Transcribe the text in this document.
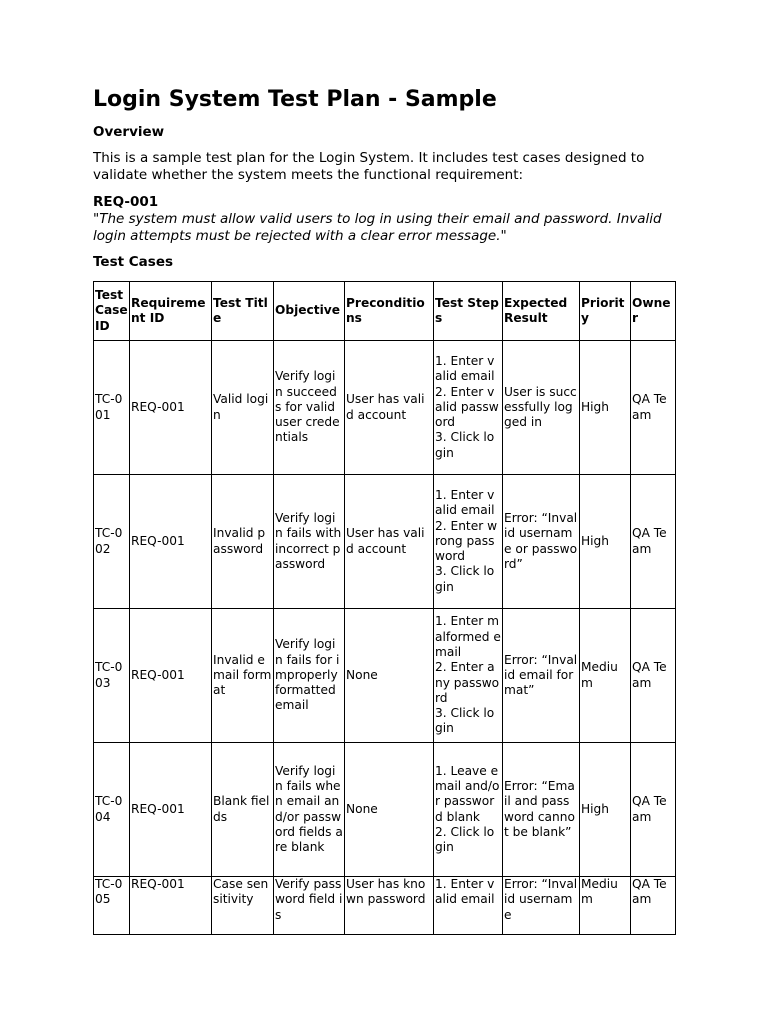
Login System Test Plan - Sample
Overview

This is a sample test plan for the Login System. It includes test cases designed to validate whether the system meets the functional requirement:

REQ-001

"The system must allow valid users to log in using their email and password. Invalid login attempts must be rejected with a clear error message."

Test Cases
Test Case ID	Requirement ID	Test Title	Objective	Preconditions	Test Steps	Expected Result	Priority	Owner
TC-001	REQ-001	Valid login	Verify login succeeds for valid user credentials	User has valid account	1. Enter valid email
2. Enter valid password
3. Click login	User is successfully logged in	High	QA Team
TC-002	REQ-001	Invalid password	Verify login fails with incorrect password	User has valid account	1. Enter valid email
2. Enter wrong password
3. Click login	Error: “Invalid username or password”	High	QA Team
TC-003	REQ-001	Invalid email format	Verify login fails for improperly formatted email	None	1. Enter malformed email
2. Enter any password
3. Click login	Error: “Invalid email format”	Medium	QA Team
TC-004	REQ-001	Blank fields	Verify login fails when email and/or password fields are blank	None	1. Leave email and/or password blank
2. Click login	Error: “Email and password cannot be blank”	High	QA Team
TC-005	REQ-001	Case sensitivity	Verify password field is	User has known password	1. Enter valid email	Error: “Invalid username	Medium	QA Team
